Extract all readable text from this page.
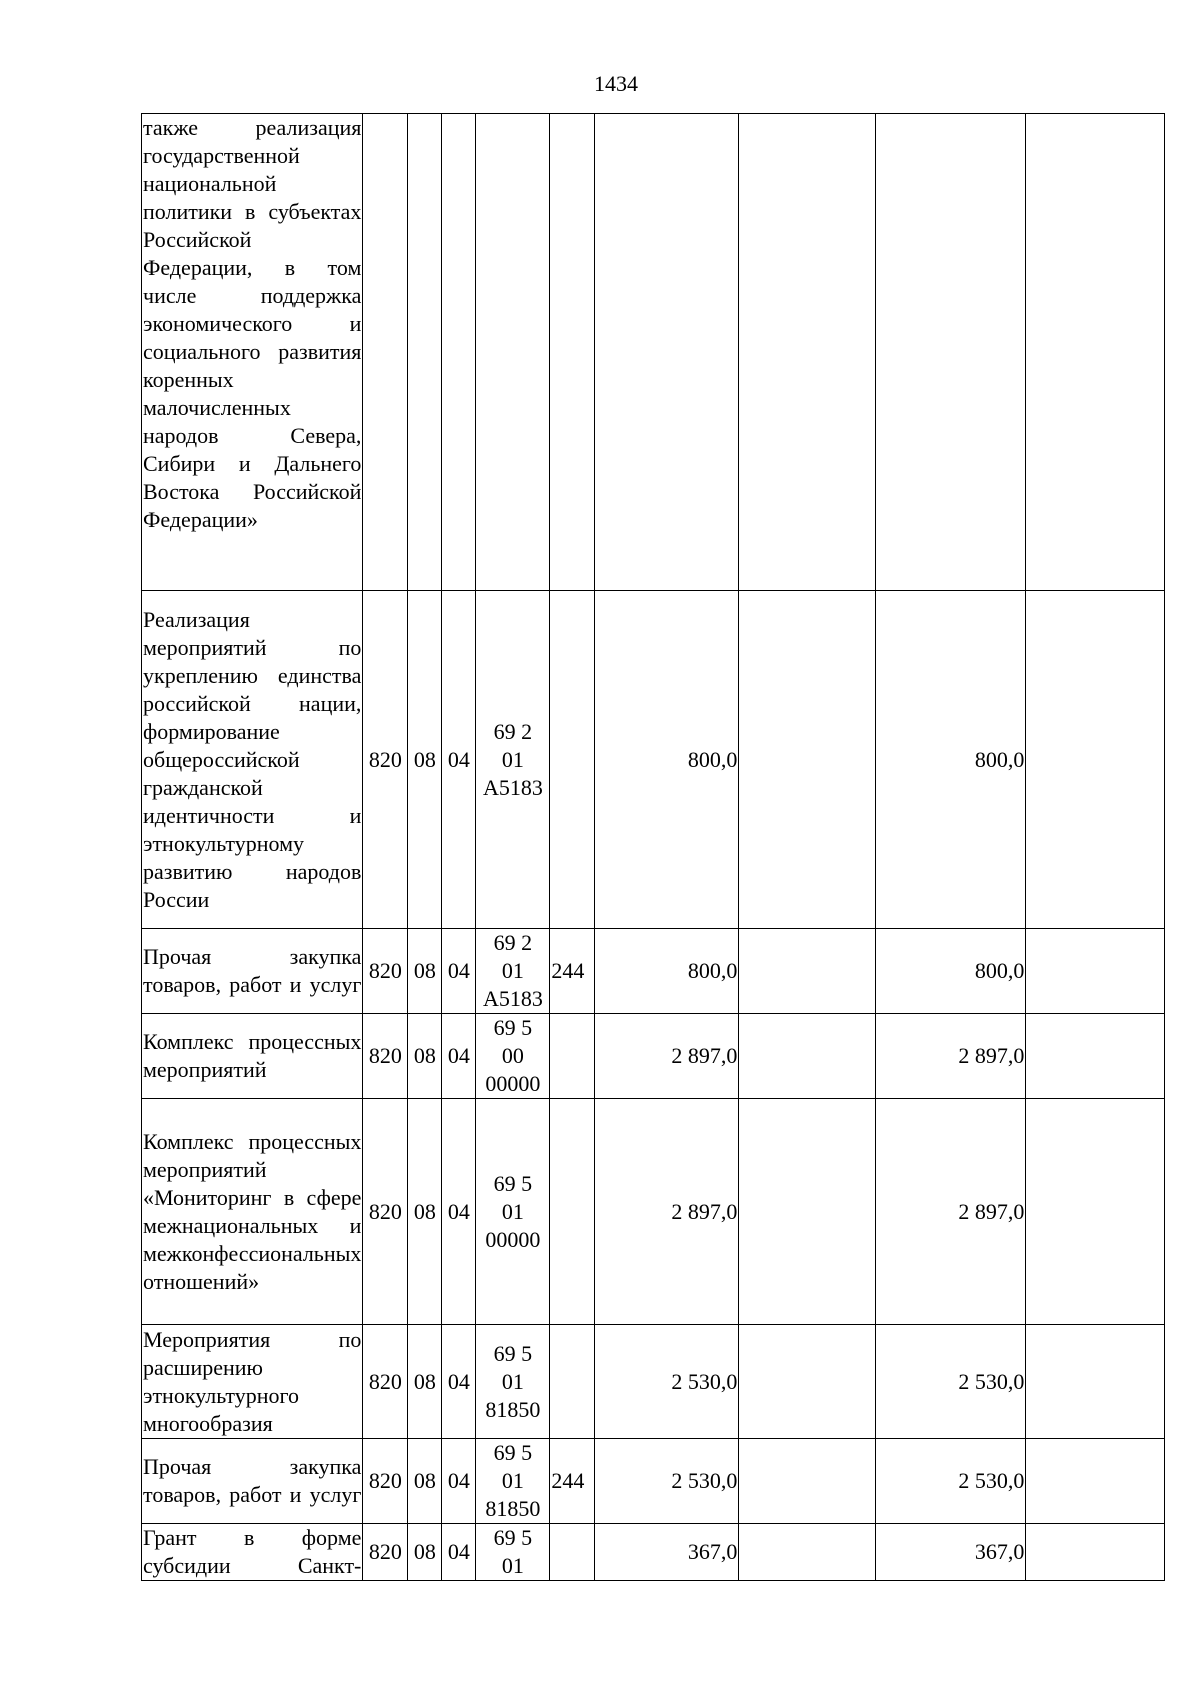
1434
также реализация государственной национальной политики в субъектах Российской Федерации, в том числе поддержка экономического и социального развития коренных малочисленных народов Севера, Сибири и Дальнего Востока Российской Федерации»									
Реализация мероприятий по укреплению единства российской нации, формирование общероссийской гражданской идентичности и этнокультурному развитию народов России	820	08	04	69 2
01
А5183		800,0		800,0	
Прочая закупка товаров, работ и услуг	820	08	04	69 2
01
А5183	244	800,0		800,0	
Комплекс процессных мероприятий	820	08	04	69 5
00
00000		2 897,0		2 897,0	
Комплекс процессных мероприятий «Мониторинг в сфере межнациональных и межконфессиональных отношений»	820	08	04	69 5
01
00000		2 897,0		2 897,0	
Мероприятия по расширению этнокультурного многообразия	820	08	04	69 5
01
81850		2 530,0		2 530,0	
Прочая закупка товаров, работ и услуг	820	08	04	69 5
01
81850	244	2 530,0		2 530,0	
Грант в форме субсидии Санкт-	820	08	04	69 5
01		367,0		367,0	
